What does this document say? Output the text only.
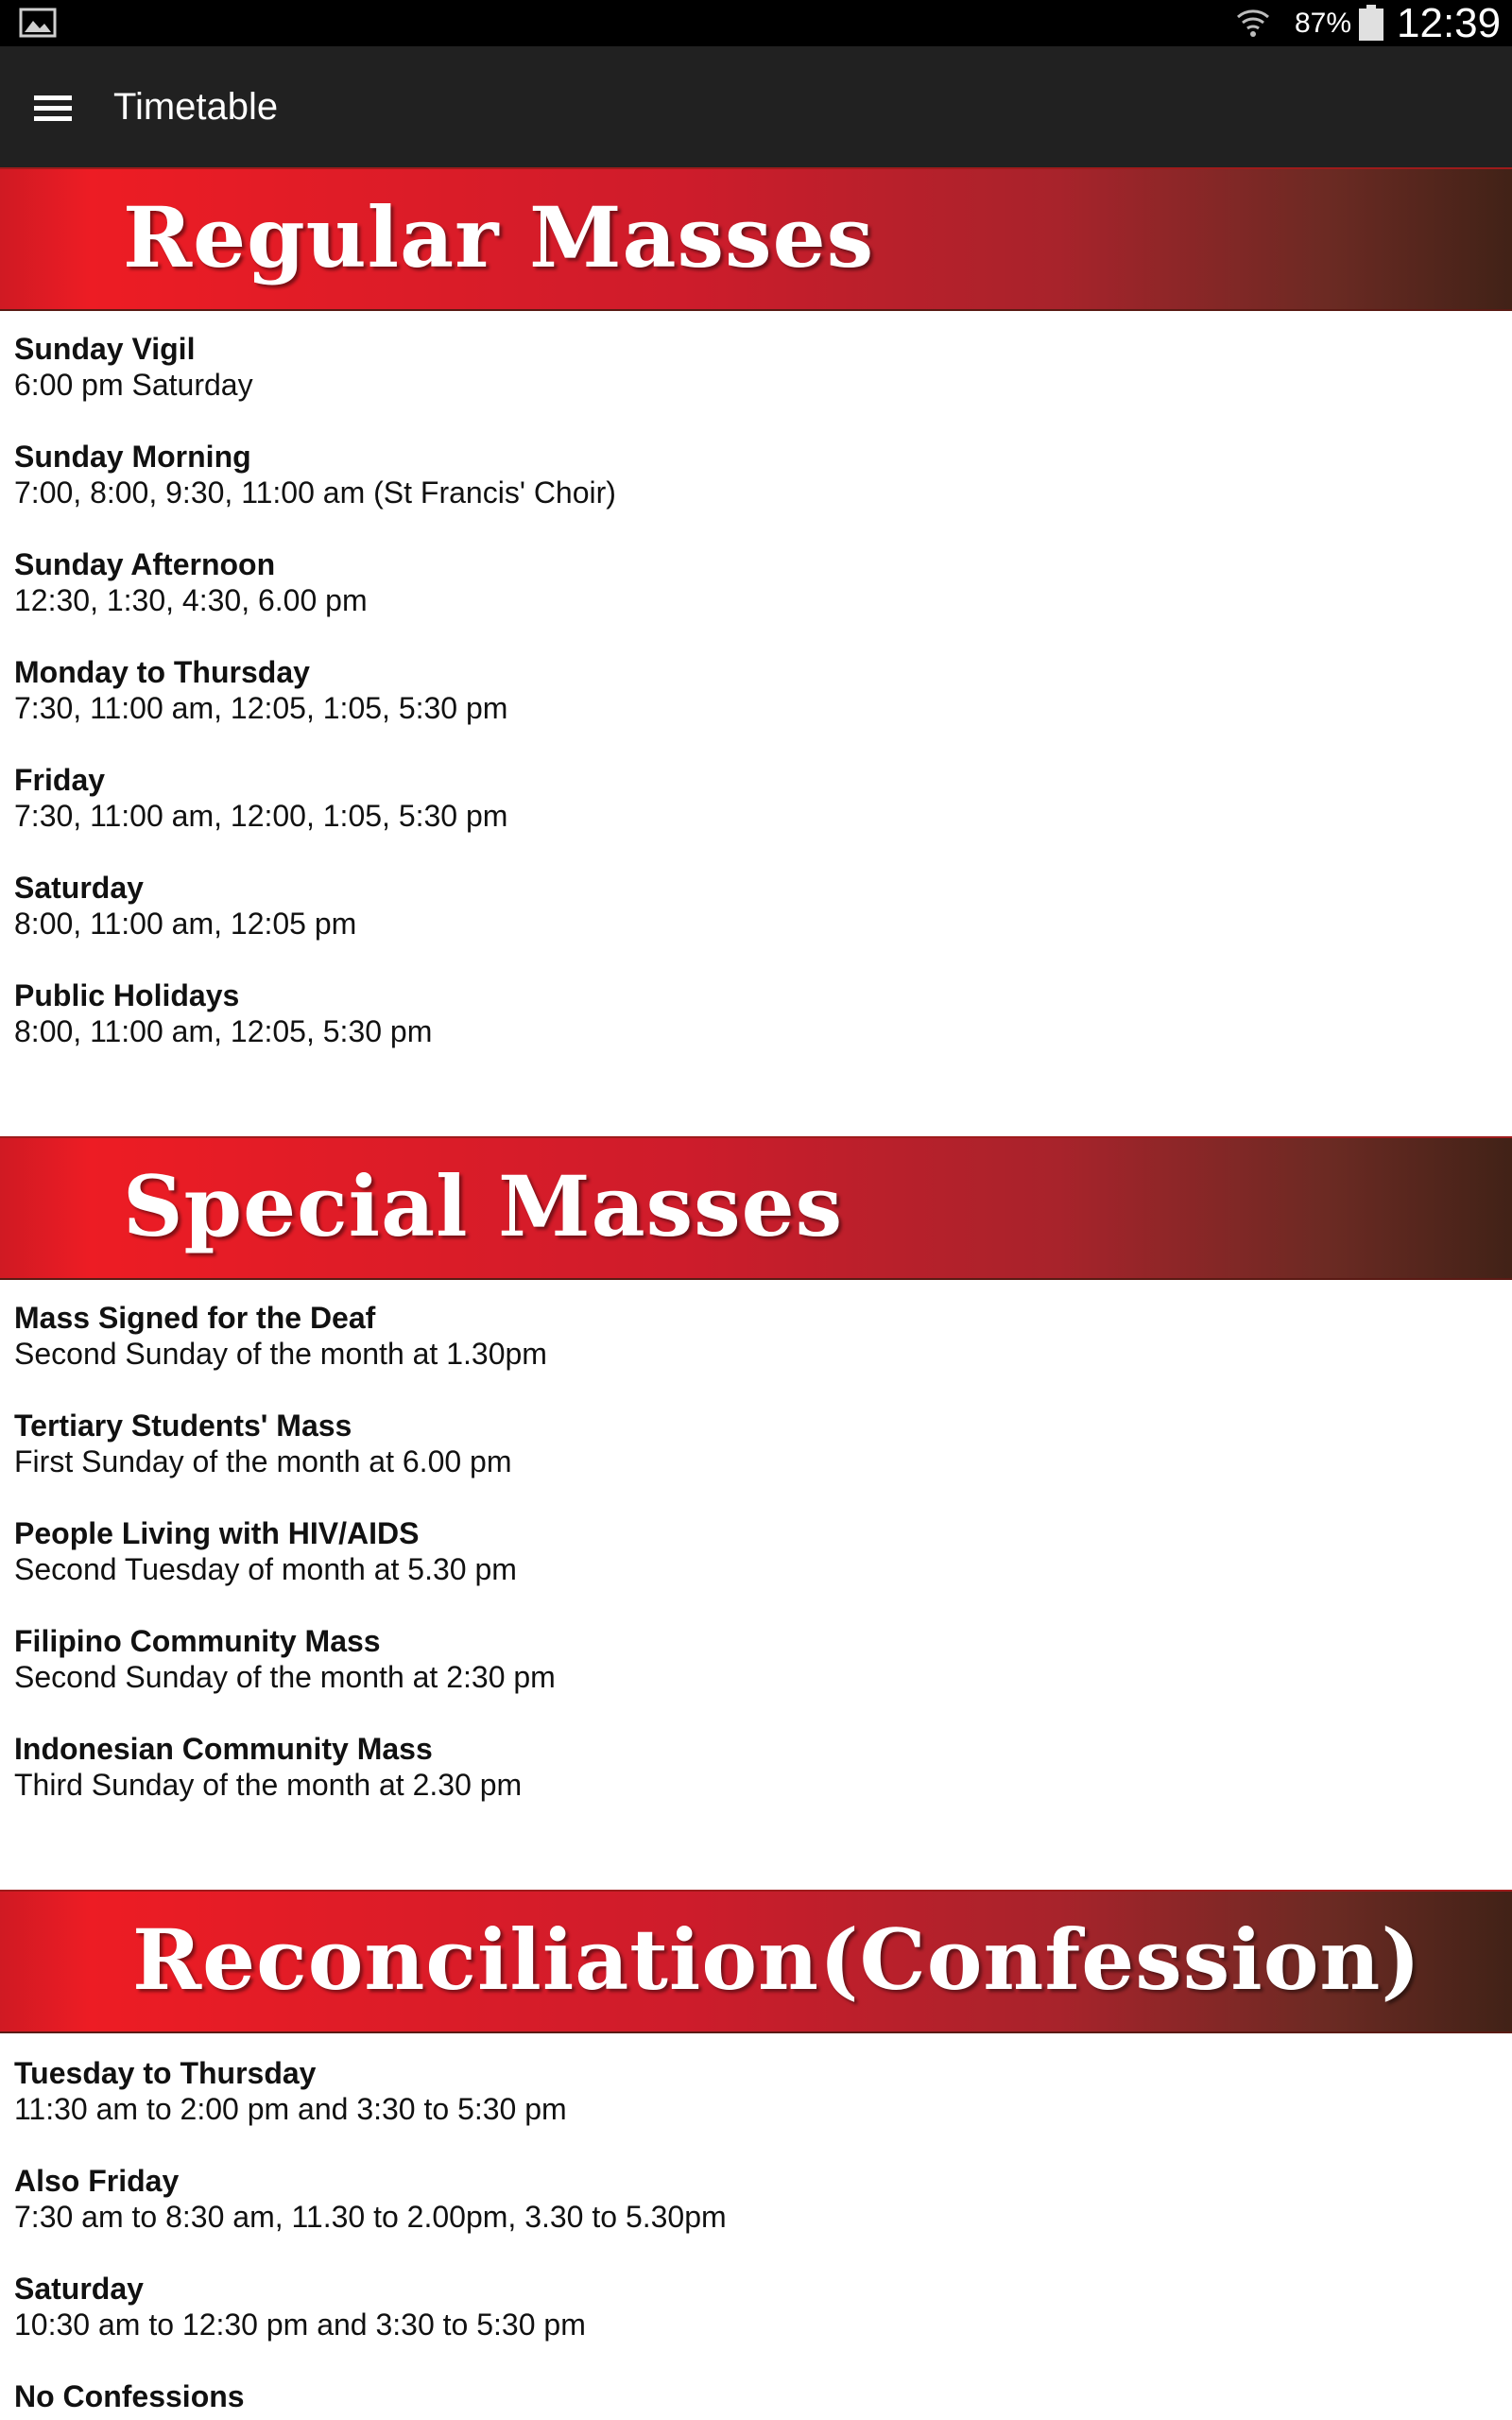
87% 12:39
Timetable
Regular Masses
Sunday Vigil
6:00 pm Saturday
Sunday Morning
7:00, 8:00, 9:30, 11:00 am (St Francis' Choir)
Sunday Afternoon
12:30, 1:30, 4:30, 6.00 pm
Monday to Thursday
7:30, 11:00 am, 12:05, 1:05, 5:30 pm
Friday
7:30, 11:00 am, 12:00, 1:05, 5:30 pm
Saturday
8:00, 11:00 am, 12:05 pm
Public Holidays
8:00, 11:00 am, 12:05, 5:30 pm
Special Masses
Mass Signed for the Deaf
Second Sunday of the month at 1.30pm
Tertiary Students' Mass
First Sunday of the month at 6.00 pm
People Living with HIV/AIDS
Second Tuesday of month at 5.30 pm
Filipino Community Mass
Second Sunday of the month at 2:30 pm
Indonesian Community Mass
Third Sunday of the month at 2.30 pm
Reconciliation(Confession)
Tuesday to Thursday
11:30 am to 2:00 pm and 3:30 to 5:30 pm
Also Friday
7:30 am to 8:30 am, 11.30 to 2.00pm, 3.30 to 5.30pm
Saturday
10:30 am to 12:30 pm and 3:30 to 5:30 pm
No Confessions
